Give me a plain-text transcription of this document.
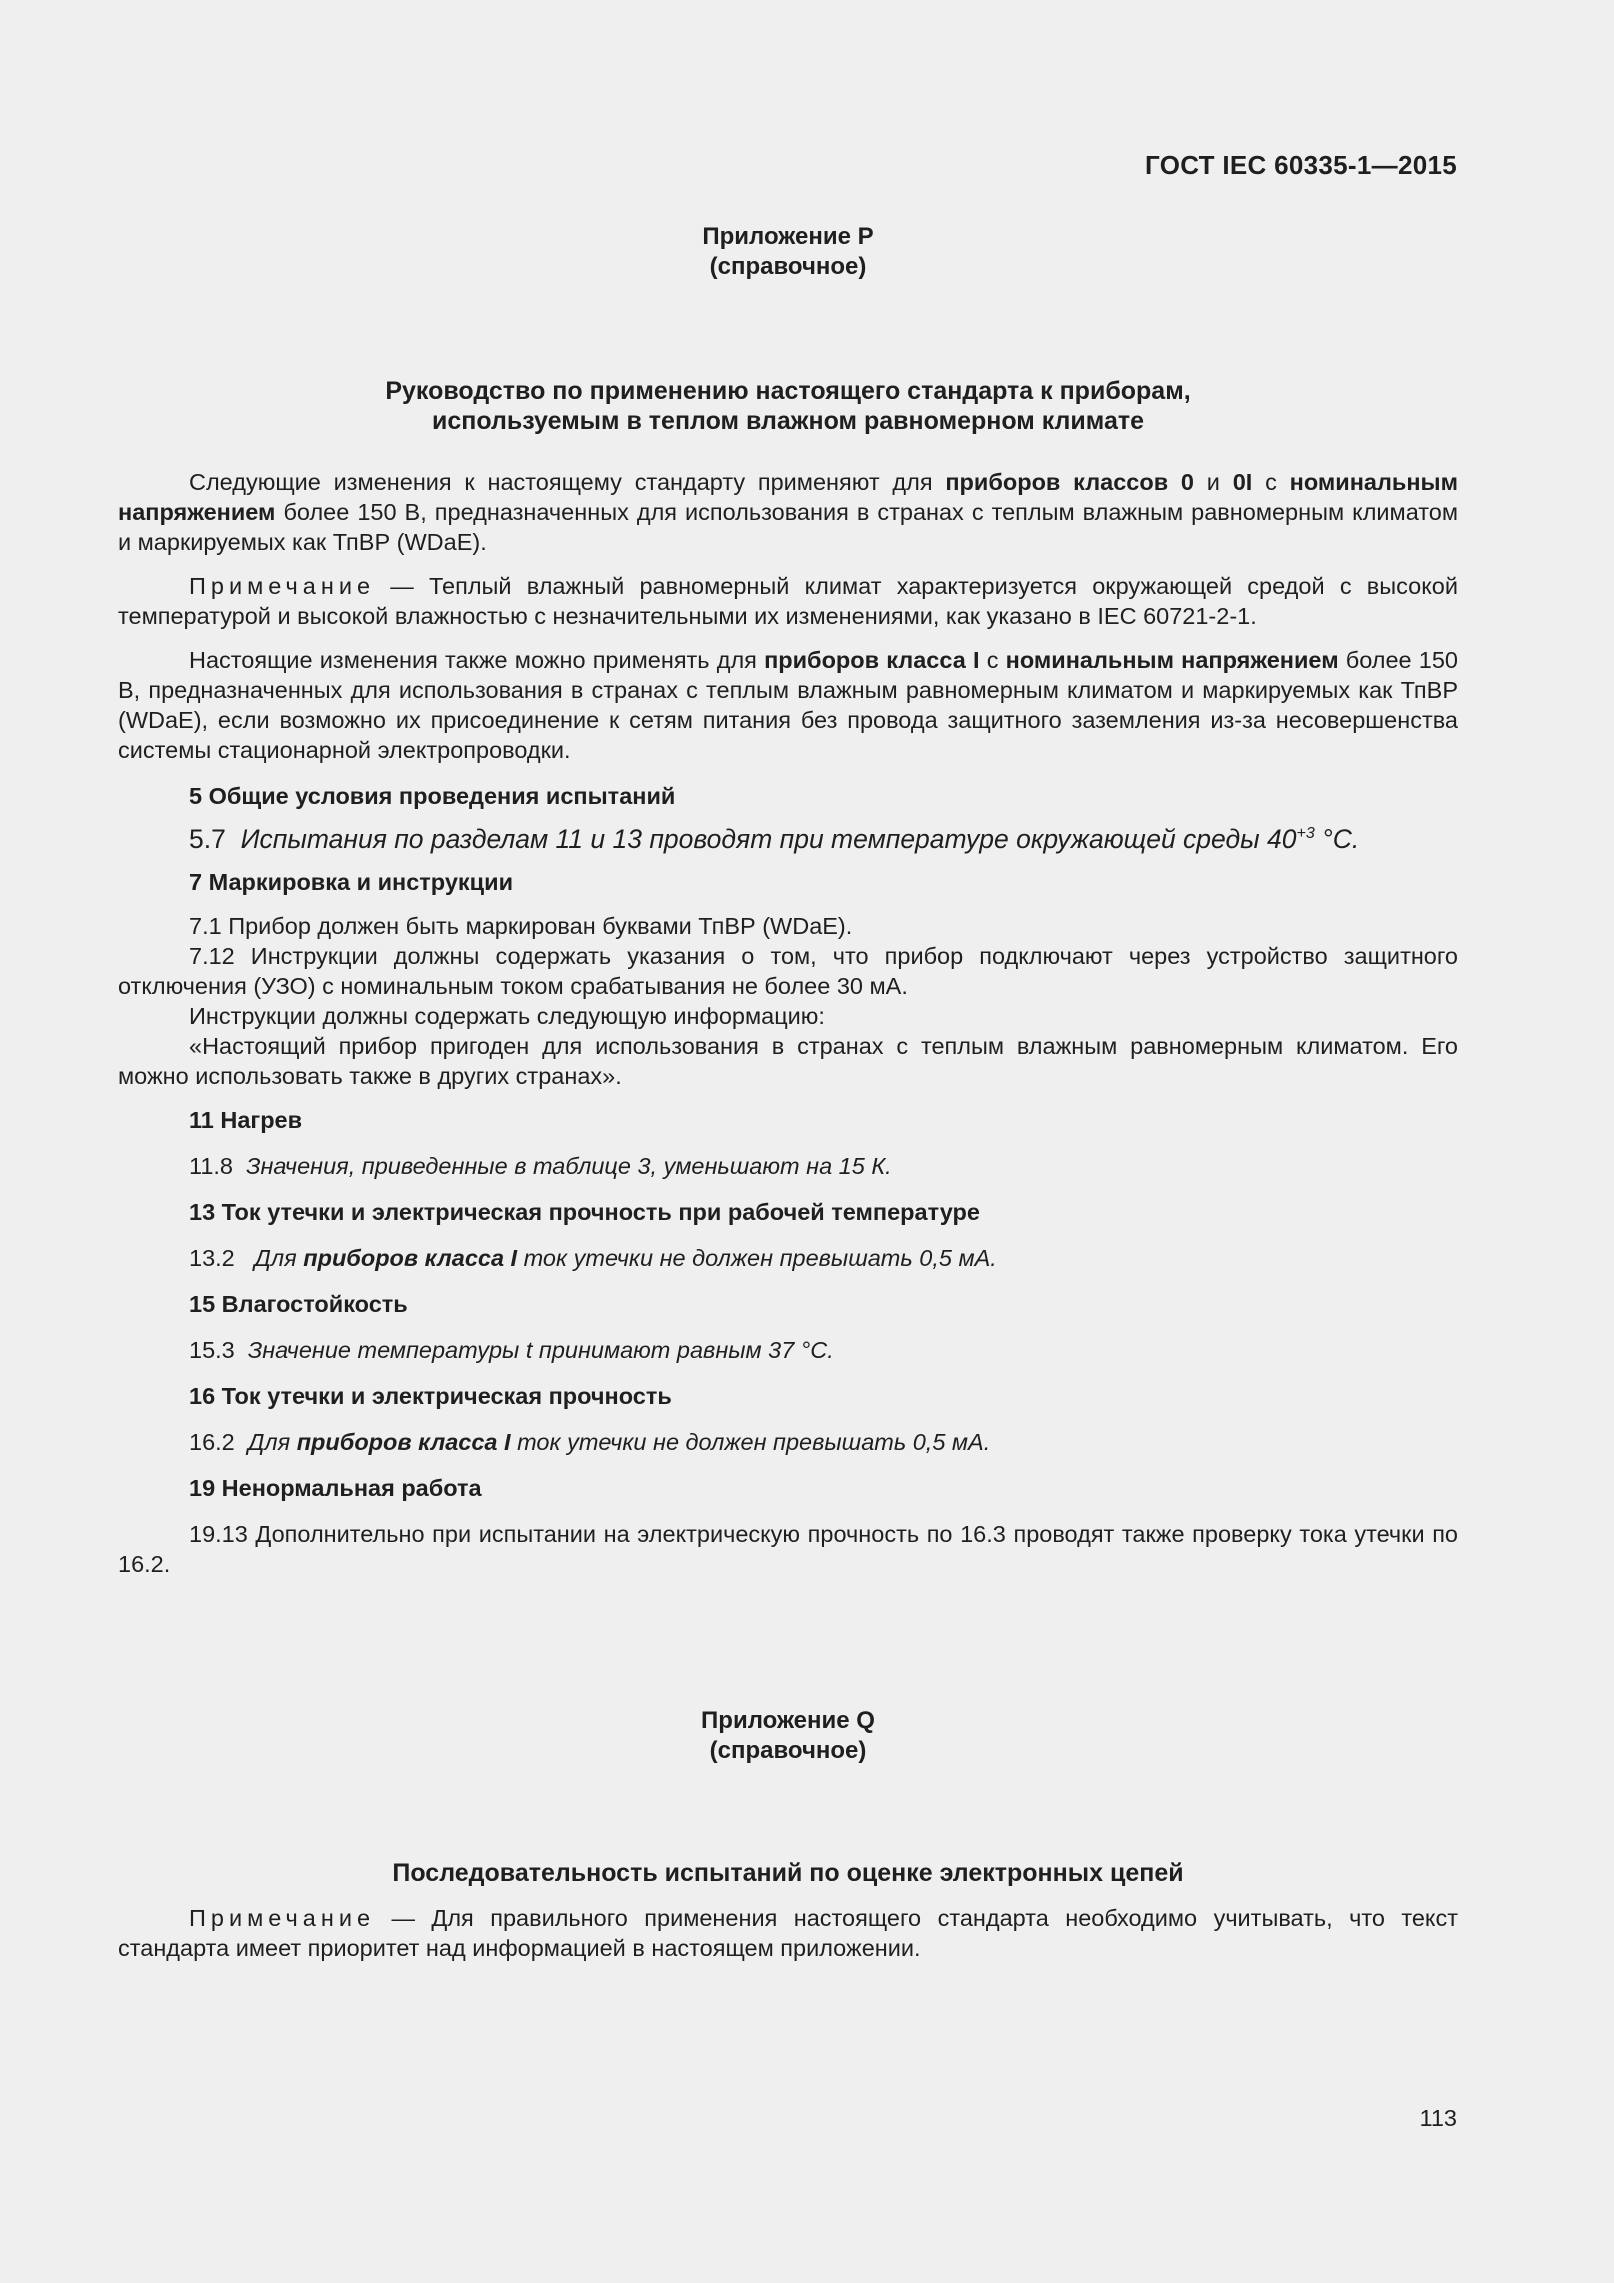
ГОСТ IEC 60335-1—2015
Приложение Р
(справочное)
Руководство по применению настоящего стандарта к приборам,
используемым в теплом влажном равномерном климате

Следующие изменения к настоящему стандарту применяют для приборов классов 0 и 0I с номинальным напряжением более 150 В, предназначенных для использования в странах с теплым влажным равномерным климатом и маркируемых как ТпВР (WDaE).

Примечание — Теплый влажный равномерный климат характеризуется окружающей средой с высокой температурой и высокой влажностью с незначительными их изменениями, как указано в IEC 60721-2-1.

Настоящие изменения также можно применять для приборов класса I с номинальным напряжением более 150 В, предназначенных для использования в странах с теплым влажным равномерным климатом и маркируемых как ТпВР (WDaE), если возможно их присоединение к сетям питания без провода защитного заземления из-за несовершенства системы стационарной электропроводки.

5 Общие условия проведения испытаний

5.7 Испытания по разделам 11 и 13 проводят при температуре окружающей среды $40^{+3}$ °С.

7 Маркировка и инструкции

7.1 Прибор должен быть маркирован буквами ТпВР (WDaE).

7.12 Инструкции должны содержать указания о том, что прибор подключают через устройство защитного отключения (УЗО) с номинальным током срабатывания не более 30 мА.

Инструкции должны содержать следующую информацию:

«Настоящий прибор пригоден для использования в странах с теплым влажным равномерным климатом. Его можно использовать также в других странах».

11 Нагрев

11.8 Значения, приведенные в таблице 3, уменьшают на 15 К.

13 Ток утечки и электрическая прочность при рабочей температуре

13.2 Для приборов класса I ток утечки не должен превышать 0,5 мА.

15 Влагостойкость

15.3 Значение температуры t принимают равным 37 °С.

16 Ток утечки и электрическая прочность

16.2 Для приборов класса I ток утечки не должен превышать 0,5 мА.

19 Ненормальная работа

19.13 Дополнительно при испытании на электрическую прочность по 16.3 проводят также проверку тока утечки по 16.2.

Приложение Q
(справочное)
Последовательность испытаний по оценке электронных цепей

Примечание — Для правильного применения настоящего стандарта необходимо учитывать, что текст стандарта имеет приоритет над информацией в настоящем приложении.

113
